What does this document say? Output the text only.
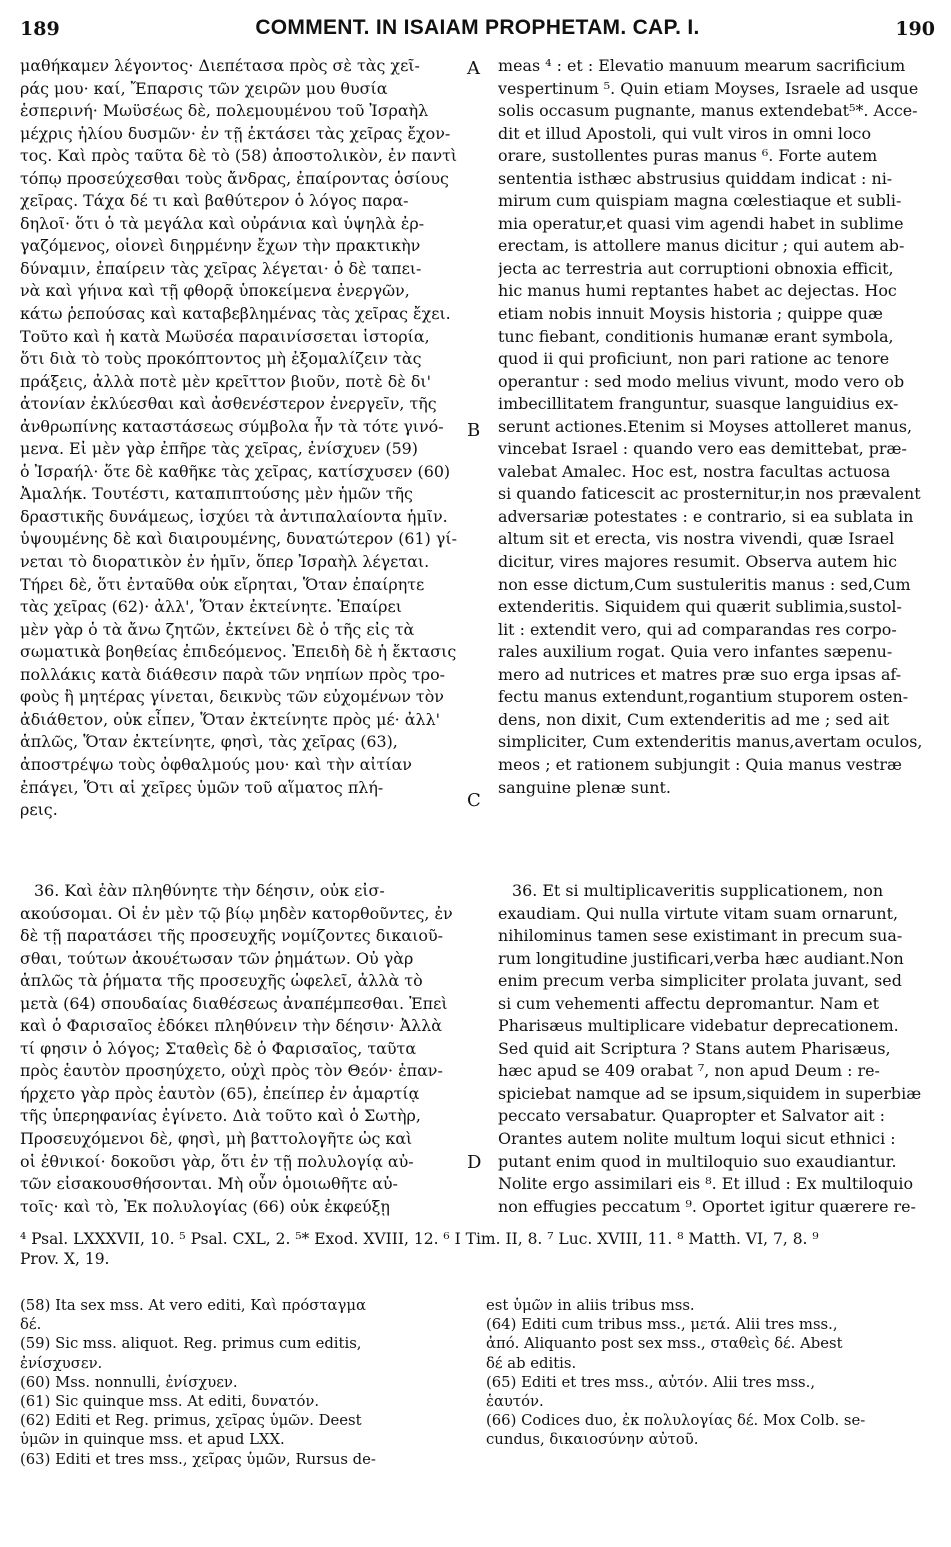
189	COMMENT. IN ISAIAM PROPHETAM. CAP. I.	190
μαθήκαμεν λέγοντος· Διεπέτασα πρὸς σὲ τὰς χεῖ-
ράς μου· καί, Ἔπαρσις τῶν χειρῶν μου θυσία
ἑσπερινή· Μωϋσέως δὲ, πολεμουμένου τοῦ Ἰσραὴλ
μέχρις ἡλίου δυσμῶν· ἐν τῇ ἐκτάσει τὰς χεῖρας ἔχον-
τος. Καὶ πρὸς ταῦτα δὲ τὸ (58) ἀποστολικὸν, ἐν παντὶ
τόπῳ προσεύχεσθαι τοὺς ἄνδρας, ἐπαίροντας ὁσίους
χεῖρας. Τάχα δέ τι καὶ βαθύτερον ὁ λόγος παρα-
δηλοῖ· ὅτι ὁ τὰ μεγάλα καὶ οὐράνια καὶ ὑψηλὰ ἐρ-
γαζόμενος, οἱονεὶ διηρμένην ἔχων τὴν πρακτικὴν
δύναμιν, ἐπαίρειν τὰς χεῖρας λέγεται· ὁ δὲ ταπει-
νὰ καὶ γήινα καὶ τῇ φθορᾷ ὑποκείμενα ἐνεργῶν,
κάτω ῥεπούσας καὶ καταβεβλημένας τὰς χεῖρας ἔχει.
Τοῦτο καὶ ἡ κατὰ Μωϋσέα παραινίσσεται ἱστορία,
ὅτι διὰ τὸ τοὺς προκόπτοντος μὴ ἐξομαλίζειν τὰς
πράξεις, ἀλλὰ ποτὲ μὲν κρεῖττον βιοῦν, ποτὲ δὲ δι'
ἀτονίαν ἐκλύεσθαι καὶ ἀσθενέστερον ἐνεργεῖν, τῆς
ἀνθρωπίνης καταστάσεως σύμβολα ἦν τὰ τότε γινό-
μενα. Εἰ μὲν γὰρ ἐπῆρε τὰς χεῖρας, ἐνίσχυεν (59)
ὁ Ἰσραήλ· ὅτε δὲ καθῆκε τὰς χεῖρας, κατίσχυσεν (60)
Ἀμαλήκ. Τουτέστι, καταπιπτούσης μὲν ἡμῶν τῆς
δραστικῆς δυνάμεως, ἰσχύει τὰ ἀντιπαλαίοντα ἡμῖν.
ὑψουμένης δὲ καὶ διαιρουμένης, δυνατώτερον (61) γί-
νεται τὸ διορατικὸν ἐν ἡμῖν, ὅπερ Ἰσραὴλ λέγεται.
Τήρει δὲ, ὅτι ἐνταῦθα οὐκ εἴρηται, Ὅταν ἐπαίρητε
τὰς χεῖρας (62)· ἀλλ', Ὅταν ἐκτείνητε. Ἐπαίρει
μὲν γὰρ ὁ τὰ ἄνω ζητῶν, ἐκτείνει δὲ ὁ τῆς εἰς τὰ
σωματικὰ βοηθείας ἐπιδεόμενος. Ἐπειδὴ δὲ ἡ ἔκτασις
πολλάκις κατὰ διάθεσιν παρὰ τῶν νηπίων πρὸς τρο-
φοὺς ἢ μητέρας γίνεται, δεικνὺς τῶν εὐχομένων τὸν
ἀδιάθετον, οὐκ εἶπεν, Ὅταν ἐκτείνητε πρὸς μέ· ἀλλ'
ἁπλῶς, Ὅταν ἐκτείνητε, φησὶ, τὰς χεῖρας (63),
ἀποστρέψω τοὺς ὀφθαλμούς μου· καὶ τὴν αἰτίαν
ἐπάγει, Ὅτι αἱ χεῖρες ὑμῶν τοῦ αἵματος πλή-
ρεις.
36. Καὶ ἐὰν πληθύνητε τὴν δέησιν, οὐκ εἰσ-
ακούσομαι. Οἱ ἐν μὲν τῷ βίῳ μηδὲν κατορθοῦντες, ἐν
δὲ τῇ παρατάσει τῆς προσευχῆς νομίζοντες δικαιοῦ-
σθαι, τούτων ἀκουέτωσαν τῶν ῥημάτων. Οὐ γὰρ
ἁπλῶς τὰ ῥήματα τῆς προσευχῆς ὠφελεῖ, ἀλλὰ τὸ
μετὰ (64) σπουδαίας διαθέσεως ἀναπέμπεσθαι. Ἐπεὶ
καὶ ὁ Φαρισαῖος ἐδόκει πληθύνειν τὴν δέησιν· Ἀλλὰ
τί φησιν ὁ λόγος; Σταθεὶς δὲ ὁ Φαρισαῖος, ταῦτα
πρὸς ἑαυτὸν προσηύχετο, οὐχὶ πρὸς τὸν Θεόν· ἐπαν-
ήρχετο γὰρ πρὸς ἑαυτὸν (65), ἐπείπερ ἐν ἁμαρτίᾳ
τῆς ὑπερηφανίας ἐγίνετο. Διὰ τοῦτο καὶ ὁ Σωτὴρ,
Προσευχόμενοι δὲ, φησὶ, μὴ βαττολογῆτε ὡς καὶ
οἱ ἐθνικοί· δοκοῦσι γὰρ, ὅτι ἐν τῇ πολυλογίᾳ αὐ-
τῶν εἰσακουσθήσονται. Μὴ οὖν ὁμοιωθῆτε αὐ-
τοῖς· καὶ τὸ, Ἐκ πολυλογίας (66) οὐκ ἐκφεύξῃ
meas ⁴ : et : Elevatio manuum mearum sacrificium
vespertinum ⁵. Quin etiam Moyses, Israele ad usque
solis occasum pugnante, manus extendebat⁵*. Acce-
dit et illud Apostoli, qui vult viros in omni loco
orare, sustollentes puras manus ⁶. Forte autem
sententia isthæc abstrusius quiddam indicat : ni-
mirum cum quispiam magna cœlestiaque et subli-
mia operatur,et quasi vim agendi habet in sublime
erectam, is attollere manus dicitur ; qui autem ab-
jecta ac terrestria aut corruptioni obnoxia efficit,
hic manus humi reptantes habet ac dejectas. Hoc
etiam nobis innuit Moysis historia ; quippe quæ
tunc fiebant, conditionis humanæ erant symbola,
quod ii qui proficiunt, non pari ratione ac tenore
operantur : sed modo melius vivunt, modo vero ob
imbecillitatem franguntur, suasque languidius ex-
serunt actiones.Etenim si Moyses attolleret manus,
vincebat Israel : quando vero eas demittebat, præ-
valebat Amalec. Hoc est, nostra facultas actuosa
si quando faticescit ac prosternitur,in nos prævalent
adversariæ potestates : e contrario, si ea sublata in
altum sit et erecta, vis nostra vivendi, quæ Israel
dicitur, vires majores resumit. Observa autem hic
non esse dictum,Cum sustuleritis manus : sed,Cum
extenderitis. Siquidem qui quærit sublimia,sustol-
lit : extendit vero, qui ad comparandas res corpo-
rales auxilium rogat. Quia vero infantes sæpenu-
mero ad nutrices et matres præ suo erga ipsas af-
fectu manus extendunt,rogantium stuporem osten-
dens, non dixit, Cum extenderitis ad me ; sed ait
simpliciter, Cum extenderitis manus,avertam oculos,
meos ; et rationem subjungit : Quia manus vestræ
sanguine plenæ sunt.
36. Et si multiplicaveritis supplicationem, non
exaudiam. Qui nulla virtute vitam suam ornarunt,
nihilominus tamen sese existimant in precum sua-
rum longitudine justificari,verba hæc audiant.Non
enim precum verba simpliciter prolata juvant, sed
si cum vehementi affectu depromantur. Nam et
Pharisæus multiplicare videbatur deprecationem.
Sed quid ait Scriptura ? Stans autem Pharisæus,
hæc apud se 409 orabat ⁷, non apud Deum : re-
spiciebat namque ad se ipsum,siquidem in superbiæ
peccato versabatur. Quapropter et Salvator ait :
Orantes autem nolite multum loqui sicut ethnici :
putant enim quod in multiloquio suo exaudiantur.
Nolite ergo assimilari eis ⁸. Et illud : Ex multiloquio
non effugies peccatum ⁹. Oportet igitur quærere re-
A
B
C
D
⁴ Psal. LXXXVII, 10. ⁵ Psal. CXL, 2. ⁵* Exod. XVIII, 12. ⁶ I Tim. II, 8. ⁷ Luc. XVIII, 11. ⁸ Matth. VI, 7, 8. ⁹
Prov. X, 19.
(58) Ita sex mss. At vero editi, Καὶ πρόσταγμα
δέ.
(59) Sic mss. aliquot. Reg. primus cum editis,
ἐνίσχυσεν.
(60) Mss. nonnulli, ἐνίσχυεν.
(61) Sic quinque mss. At editi, δυνατόν.
(62) Editi et Reg. primus, χεῖρας ὑμῶν. Deest
ὑμῶν in quinque mss. et apud LXX.
(63) Editi et tres mss., χεῖρας ὑμῶν, Rursus de-
est ὑμῶν in aliis tribus mss.
(64) Editi cum tribus mss., μετά. Alii tres mss.,
ἀπό. Aliquanto post sex mss., σταθεὶς δέ. Abest
δέ ab editis.
(65) Editi et tres mss., αὐτόν. Alii tres mss.,
ἑαυτόν.
(66) Codices duo, ἐκ πολυλογίας δέ. Mox Colb. se-
cundus, δικαιοσύνην αὐτοῦ.
